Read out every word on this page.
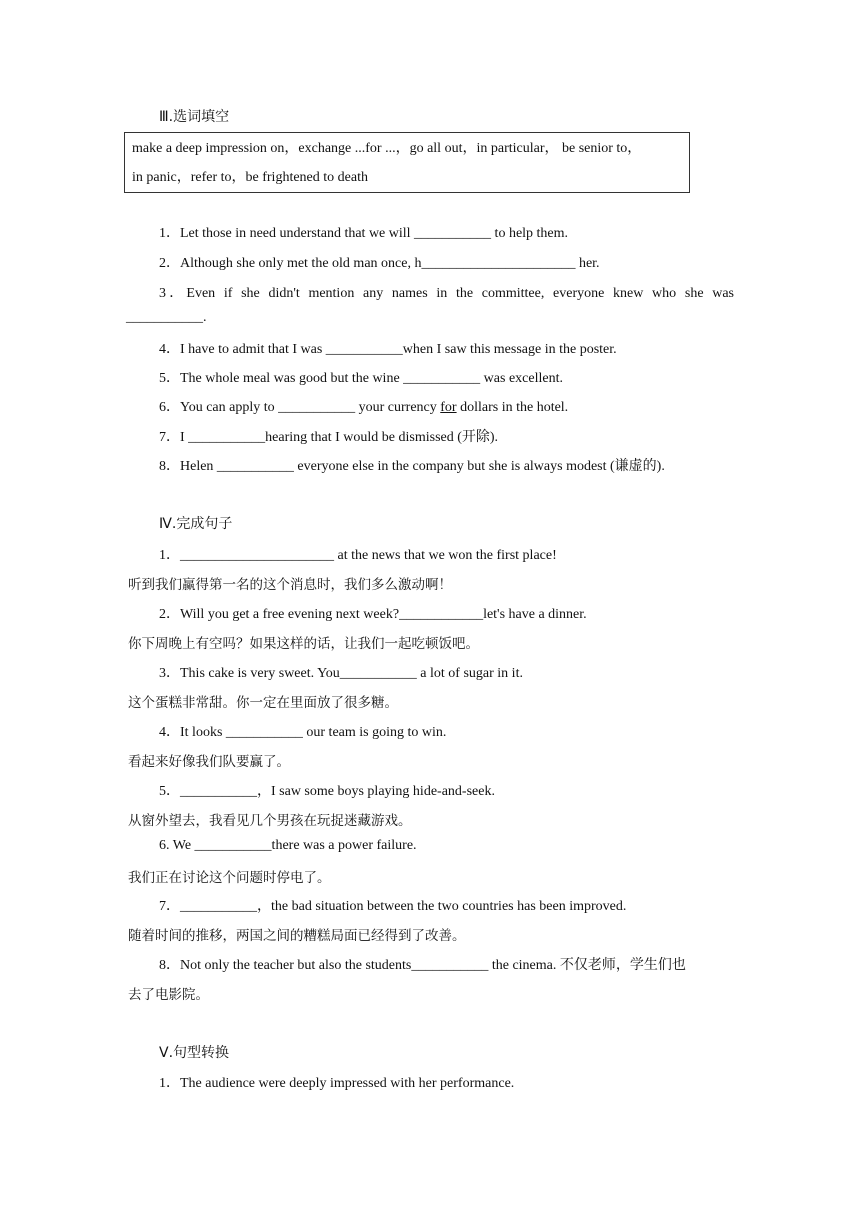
Ⅲ.选词填空
make a deep impression on，exchange ...for ...，go all out，in particular， be senior to，
in panic，refer to，be frightened to death
1．Let those in need understand that we will ___________ to help them.
2．Although she only met the old man once, h______________________ her.
3．Even if she didn't mention any names in the committee, everyone knew who she was
___________.
4．I have to admit that I was ___________when I saw this message in the poster.
5．The whole meal was good but the wine ___________ was excellent.
6．You can apply to ___________ your currency for dollars in the hotel.
7．I ___________hearing that I would be dismissed (开除).
8．Helen ___________ everyone else in the company but she is always modest (谦虚的).
Ⅳ.完成句子
1．______________________ at the news that we won the first place!
听到我们赢得第一名的这个消息时，我们多么激动啊！
2．Will you get a free evening next week?____________let's have a dinner.
你下周晚上有空吗？如果这样的话，让我们一起吃顿饭吧。
3．This cake is very sweet. You___________ a lot of sugar in it.
这个蛋糕非常甜。你一定在里面放了很多糖。
4．It looks ___________ our team is going to win.
看起来好像我们队要赢了。
5．___________，I saw some boys playing hide-and-seek.
从窗外望去，我看见几个男孩在玩捉迷藏游戏。
6. We ___________there was a power failure.
我们正在讨论这个问题时停电了。
7．___________，the bad situation between the two countries has been improved.
随着时间的推移，两国之间的糟糕局面已经得到了改善。
8．Not only the teacher but also the students___________ the cinema. 不仅老师，学生们也
去了电影院。
Ⅴ.句型转换
1．The audience were deeply impressed with her performance.
